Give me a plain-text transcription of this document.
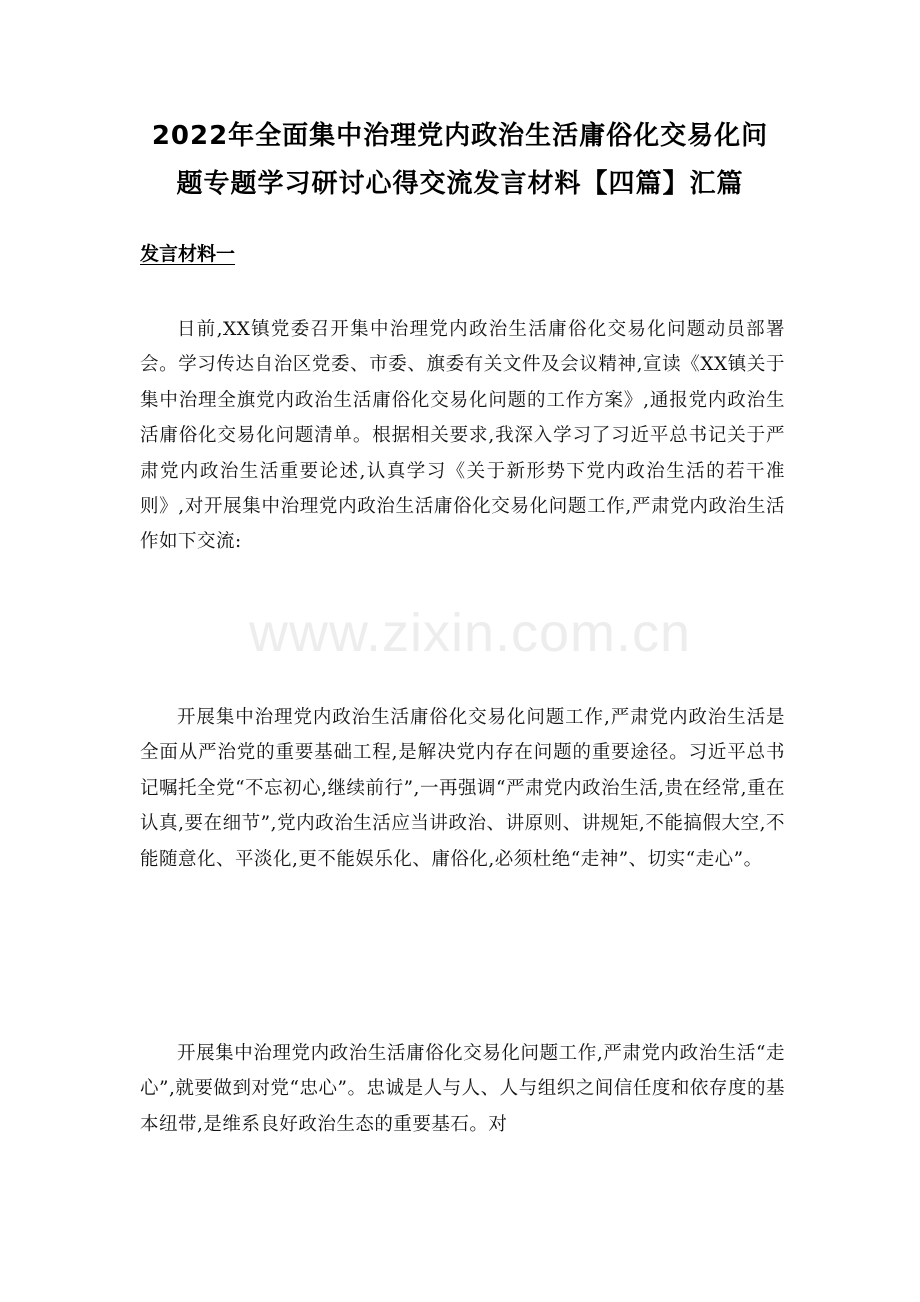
2022年全面集中治理党内政治生活庸俗化交易化问
题专题学习研讨心得交流发言材料【四篇】汇篇
发言材料一

日前,XX镇党委召开集中治理党内政治生活庸俗化交易化问题动员部署会。学习传达自治区党委、市委、旗委有关文件及会议精神,宣读《XX镇关于集中治理全旗党内政治生活庸俗化交易化问题的工作方案》,通报党内政治生活庸俗化交易化问题清单。根据相关要求,我深入学习了习近平总书记关于严肃党内政治生活重要论述,认真学习《关于新形势下党内政治生活的若干准则》,对开展集中治理党内政治生活庸俗化交易化问题工作,严肃党内政治生活作如下交流:

www.zixin.com.cn

开展集中治理党内政治生活庸俗化交易化问题工作,严肃党内政治生活是全面从严治党的重要基础工程,是解决党内存在问题的重要途径。习近平总书记嘱托全党“不忘初心,继续前行”,一再强调“严肃党内政治生活,贵在经常,重在认真,要在细节”,党内政治生活应当讲政治、讲原则、讲规矩,不能搞假大空,不能随意化、平淡化,更不能娱乐化、庸俗化,必须杜绝“走神”、切实“走心”。

开展集中治理党内政治生活庸俗化交易化问题工作,严肃党内政治生活“走心”,就要做到对党“忠心”。忠诚是人与人、人与组织之间信任度和依存度的基本纽带,是维系良好政治生态的重要基石。对
